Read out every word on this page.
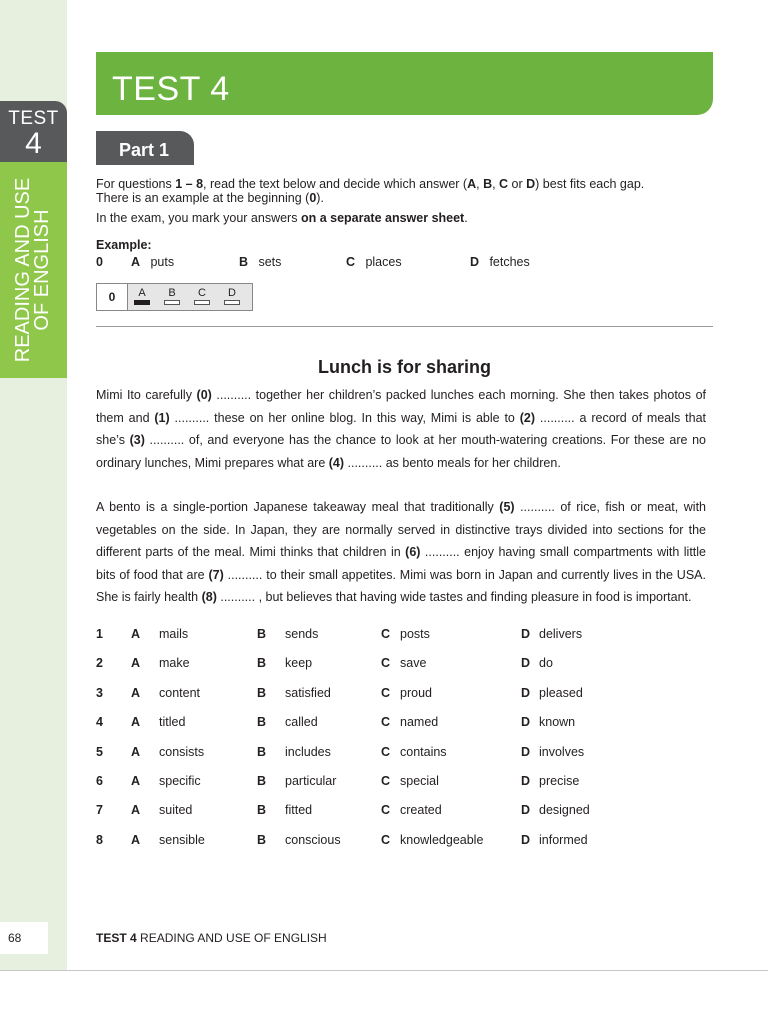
TEST
4
READING AND USE OF ENGLISH
68
TEST 4
Part 1
For questions 1 – 8, read the text below and decide which answer (A, B, C or D) best fits each gap.
There is an example at the beginning (0).
In the exam, you mark your answers on a separate answer sheet.
Example:
0 A puts	B sets	C places	D fetches
0	A	B	C	D
Lunch is for sharing
Mimi Ito carefully (0) .......... together her children’s packed lunches each morning. She then takes photos of them and (1) .......... these on her online blog. In this way, Mimi is able to (2) .......... a record of meals that she’s (3) .......... of, and everyone has the chance to look at her mouth-watering creations. For these are no ordinary lunches, Mimi prepares what are (4) .......... as bento meals for her children.
A bento is a single-portion Japanese takeaway meal that traditionally (5) .......... of rice, fish or meat, with vegetables on the side. In Japan, they are normally served in distinctive trays divided into sections for the different parts of the meal. Mimi thinks that children in (6) .......... enjoy having small compartments with little bits of food that are (7) .......... to their small appetites. Mimi was born in Japan and currently lives in the USA. She is fairly health (8) .......... , but believes that having wide tastes and finding pleasure in food is important.
1 A mails	B sends	C posts	D delivers
2 A make	B keep	C save	D do
3 A content	B satisfied	C proud	D pleased
4 A titled	B called	C named	D known
5 A consists	B includes	C contains	D involves
6 A specific	B particular	C special	D precise
7 A suited	B fitted	C created	D designed
8 A sensible	B conscious	C knowledgeable	D informed
TEST 4 READING AND USE OF ENGLISH
